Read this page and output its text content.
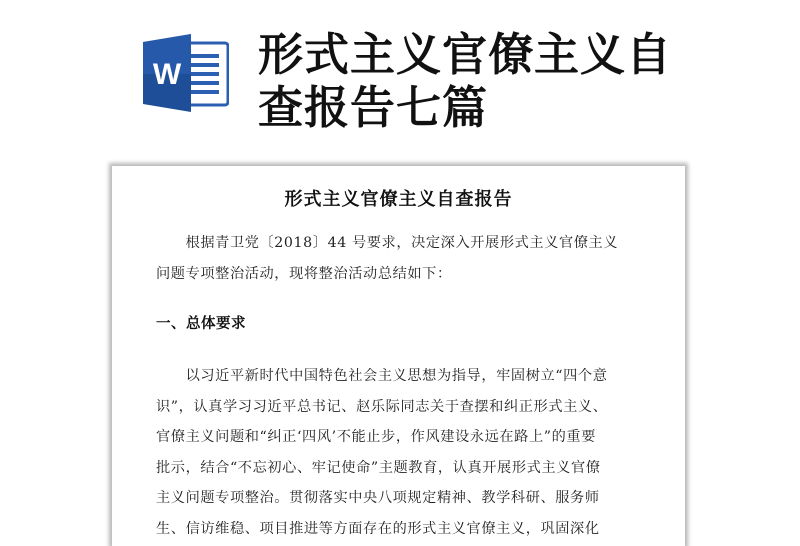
W 形式主义官僚主义自
查报告七篇
形式主义官僚主义自查报告
　　根据青卫党〔2018〕44 号要求，决定深入开展形式主义官僚主义
问题专项整治活动，现将整治活动总结如下：
一、总体要求
　　以习近平新时代中国特色社会主义思想为指导，牢固树立“四个意
识”，认真学习习近平总书记、赵乐际同志关于查摆和纠正形式主义、
官僚主义问题和“纠正‘四风’不能止步，作风建设永远在路上”的重要
批示，结合“不忘初心、牢记使命”主题教育，认真开展形式主义官僚
主义问题专项整治。贯彻落实中央八项规定精神、教学科研、服务师
生、信访维稳、项目推进等方面存在的形式主义官僚主义，巩固深化
